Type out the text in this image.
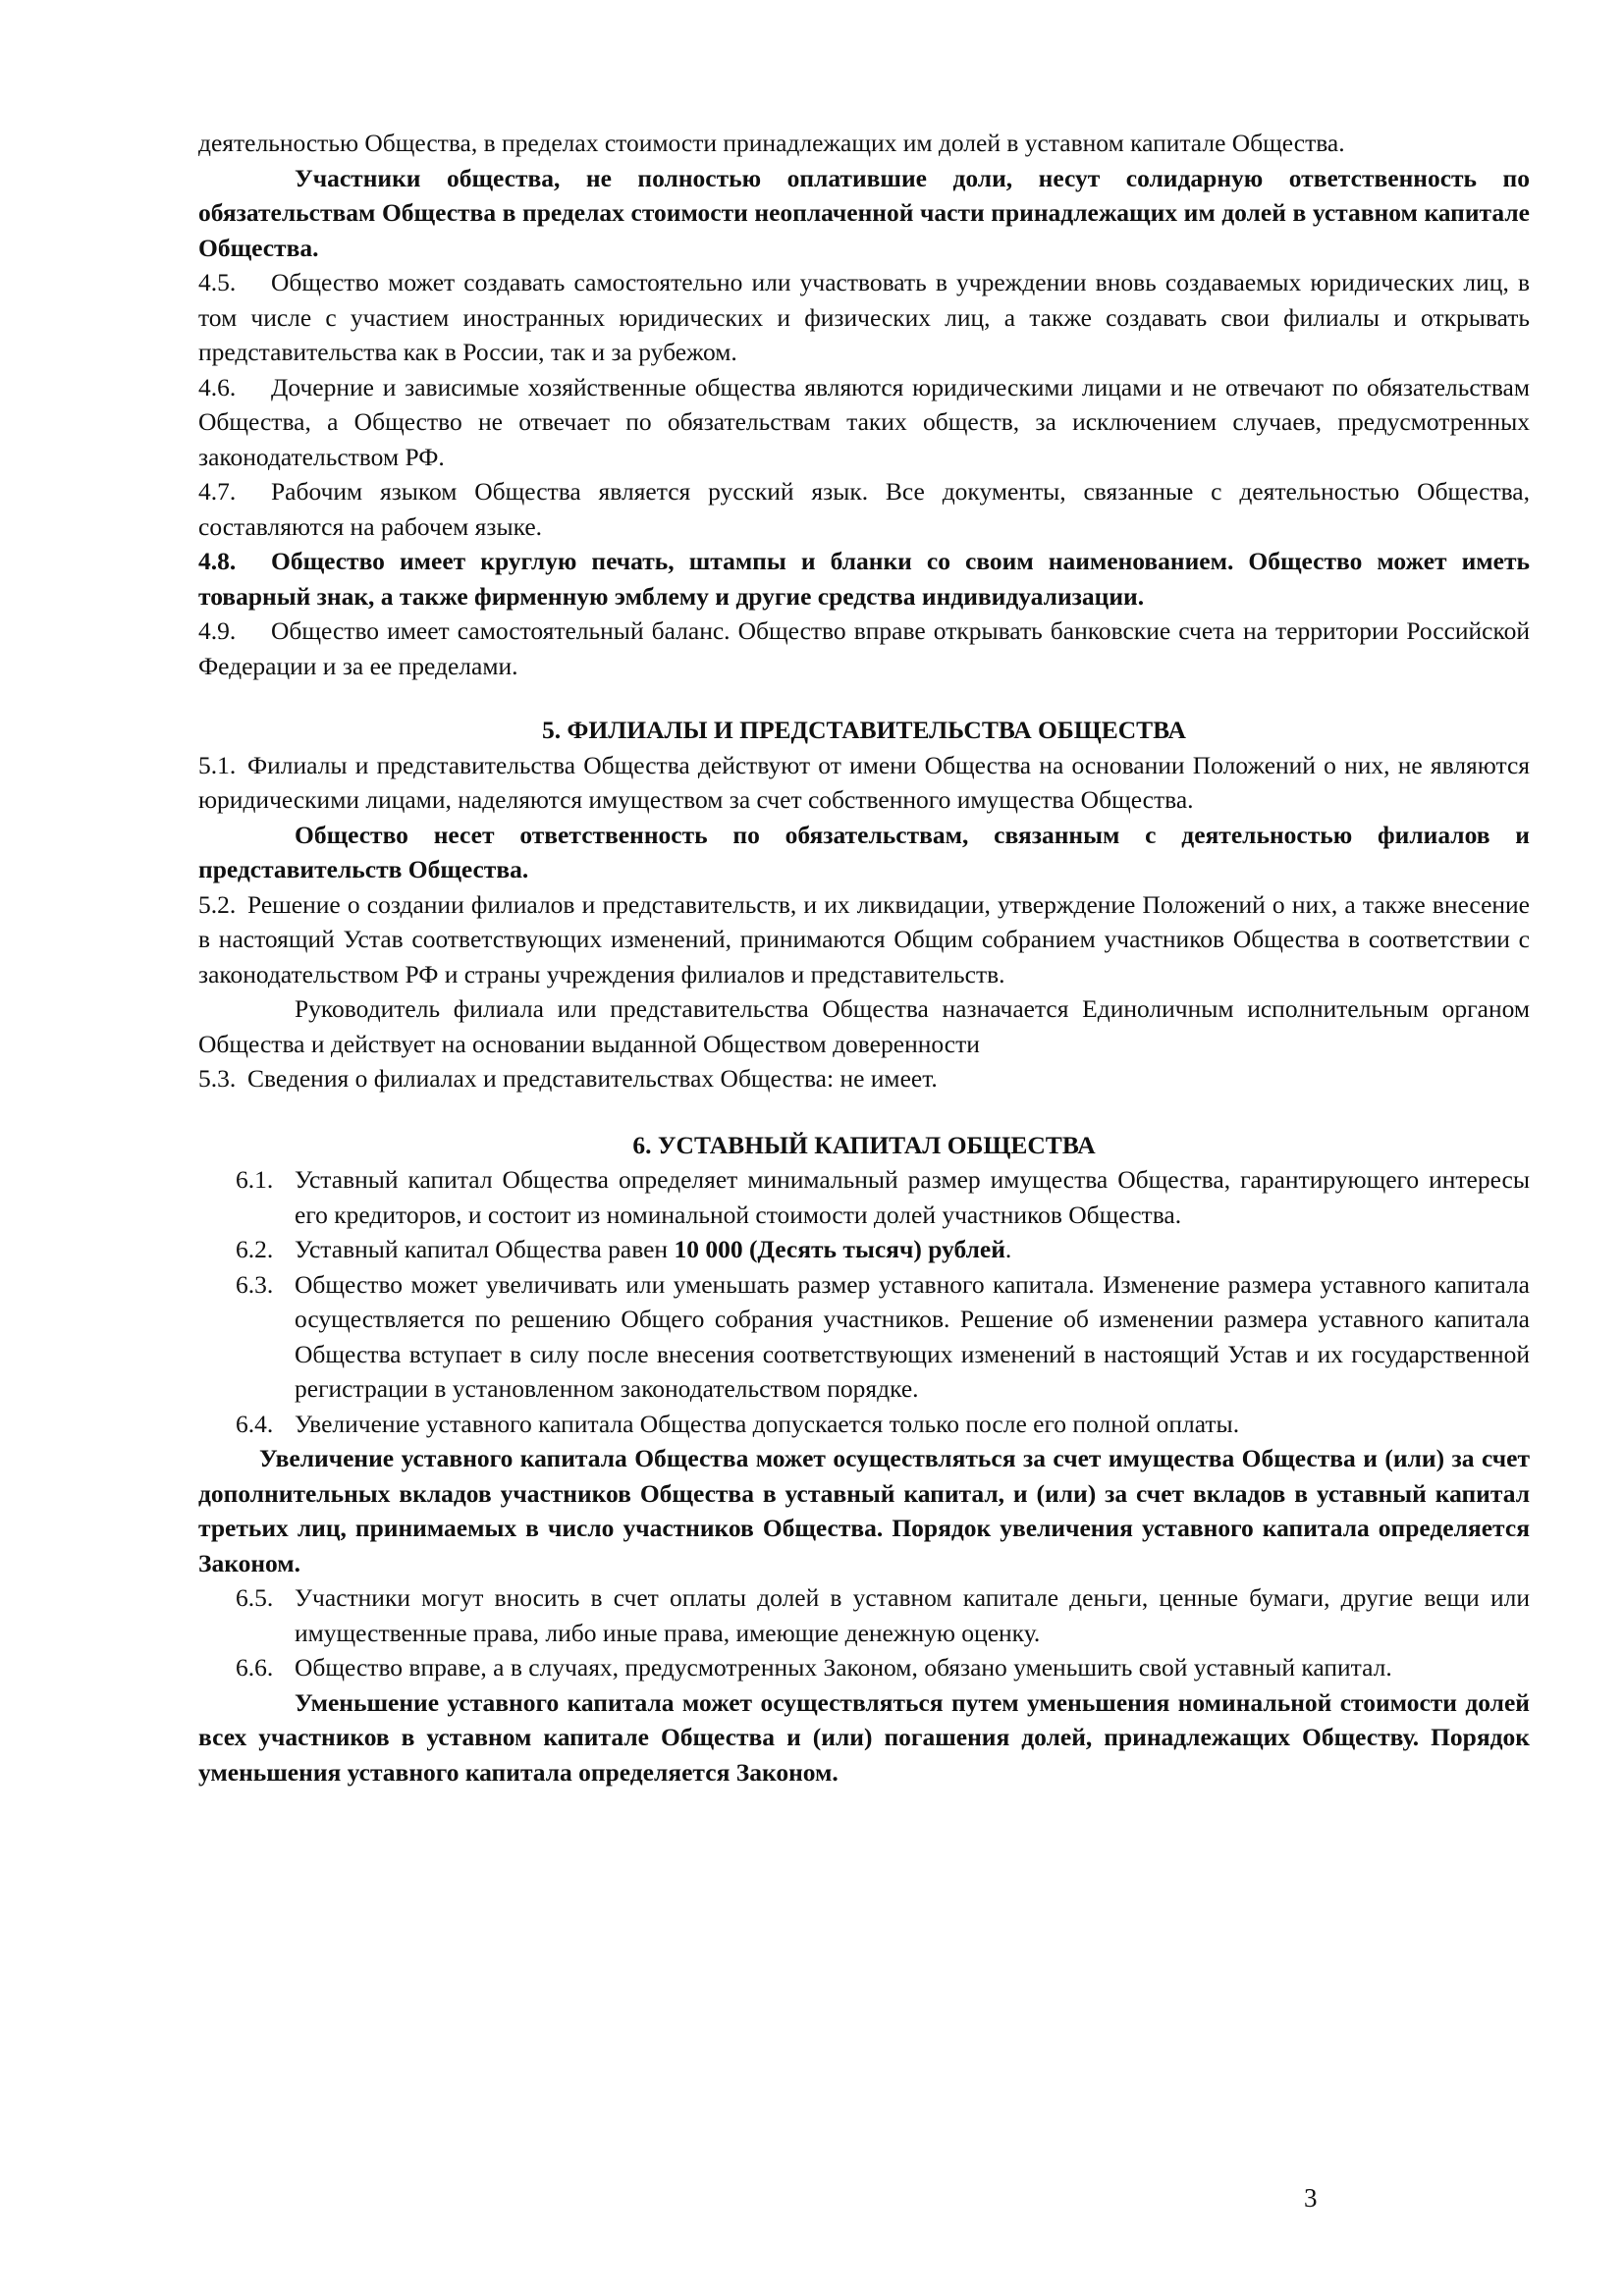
деятельностью Общества, в пределах стоимости принадлежащих им долей в уставном капитале Общества.

Участники общества, не полностью оплатившие доли, несут солидарную ответственность по обязательствам Общества в пределах стоимости неоплаченной части принадлежащих им долей в уставном капитале Общества.

4.5. Общество может создавать самостоятельно или участвовать в учреждении вновь создаваемых юридических лиц, в том числе с участием иностранных юридических и физических лиц, а также создавать свои филиалы и открывать представительства как в России, так и за рубежом.

4.6. Дочерние и зависимые хозяйственные общества являются юридическими лицами и не отвечают по обязательствам Общества, а Общество не отвечает по обязательствам таких обществ, за исключением случаев, предусмотренных законодательством РФ.

4.7. Рабочим языком Общества является русский язык. Все документы, связанные с деятельностью Общества, составляются на рабочем языке.

4.8. Общество имеет круглую печать, штампы и бланки со своим наименованием. Общество может иметь товарный знак, а также фирменную эмблему и другие средства индивидуализации.

4.9. Общество имеет самостоятельный баланс. Общество вправе открывать банковские счета на территории Российской Федерации и за ее пределами.

5. ФИЛИАЛЫ И ПРЕДСТАВИТЕЛЬСТВА ОБЩЕСТВА

5.1. Филиалы и представительства Общества действуют от имени Общества на основании Положений о них, не являются юридическими лицами, наделяются имуществом за счет собственного имущества Общества.

Общество несет ответственность по обязательствам, связанным с деятельностью филиалов и представительств Общества.

5.2. Решение о создании филиалов и представительств, и их ликвидации, утверждение Положений о них, а также внесение в настоящий Устав соответствующих изменений, принимаются Общим собранием участников Общества в соответствии с законодательством РФ и страны учреждения филиалов и представительств.

Руководитель филиала или представительства Общества назначается Единоличным исполнительным органом Общества и действует на основании выданной Обществом доверенности

5.3. Сведения о филиалах и представительствах Общества: не имеет.

6. УСТАВНЫЙ КАПИТАЛ ОБЩЕСТВА

6.1. Уставный капитал Общества определяет минимальный размер имущества Общества, гарантирующего интересы его кредиторов, и состоит из номинальной стоимости долей участников Общества.

6.2. Уставный капитал Общества равен 10 000 (Десять тысяч) рублей.

6.3. Общество может увеличивать или уменьшать размер уставного капитала. Изменение размера уставного капитала осуществляется по решению Общего собрания участников. Решение об изменении размера уставного капитала Общества вступает в силу после внесения соответствующих изменений в настоящий Устав и их государственной регистрации в установленном законодательством порядке.

6.4. Увеличение уставного капитала Общества допускается только после его полной оплаты.

Увеличение уставного капитала Общества может осуществляться за счет имущества Общества и (или) за счет дополнительных вкладов участников Общества в уставный капитал, и (или) за счет вкладов в уставный капитал третьих лиц, принимаемых в число участников Общества. Порядок увеличения уставного капитала определяется Законом.

6.5. Участники могут вносить в счет оплаты долей в уставном капитале деньги, ценные бумаги, другие вещи или имущественные права, либо иные права, имеющие денежную оценку.

6.6. Общество вправе, а в случаях, предусмотренных Законом, обязано уменьшить свой уставный капитал.

Уменьшение уставного капитала может осуществляться путем уменьшения номинальной стоимости долей всех участников в уставном капитале Общества и (или) погашения долей, принадлежащих Обществу. Порядок уменьшения уставного капитала определяется Законом.

3
